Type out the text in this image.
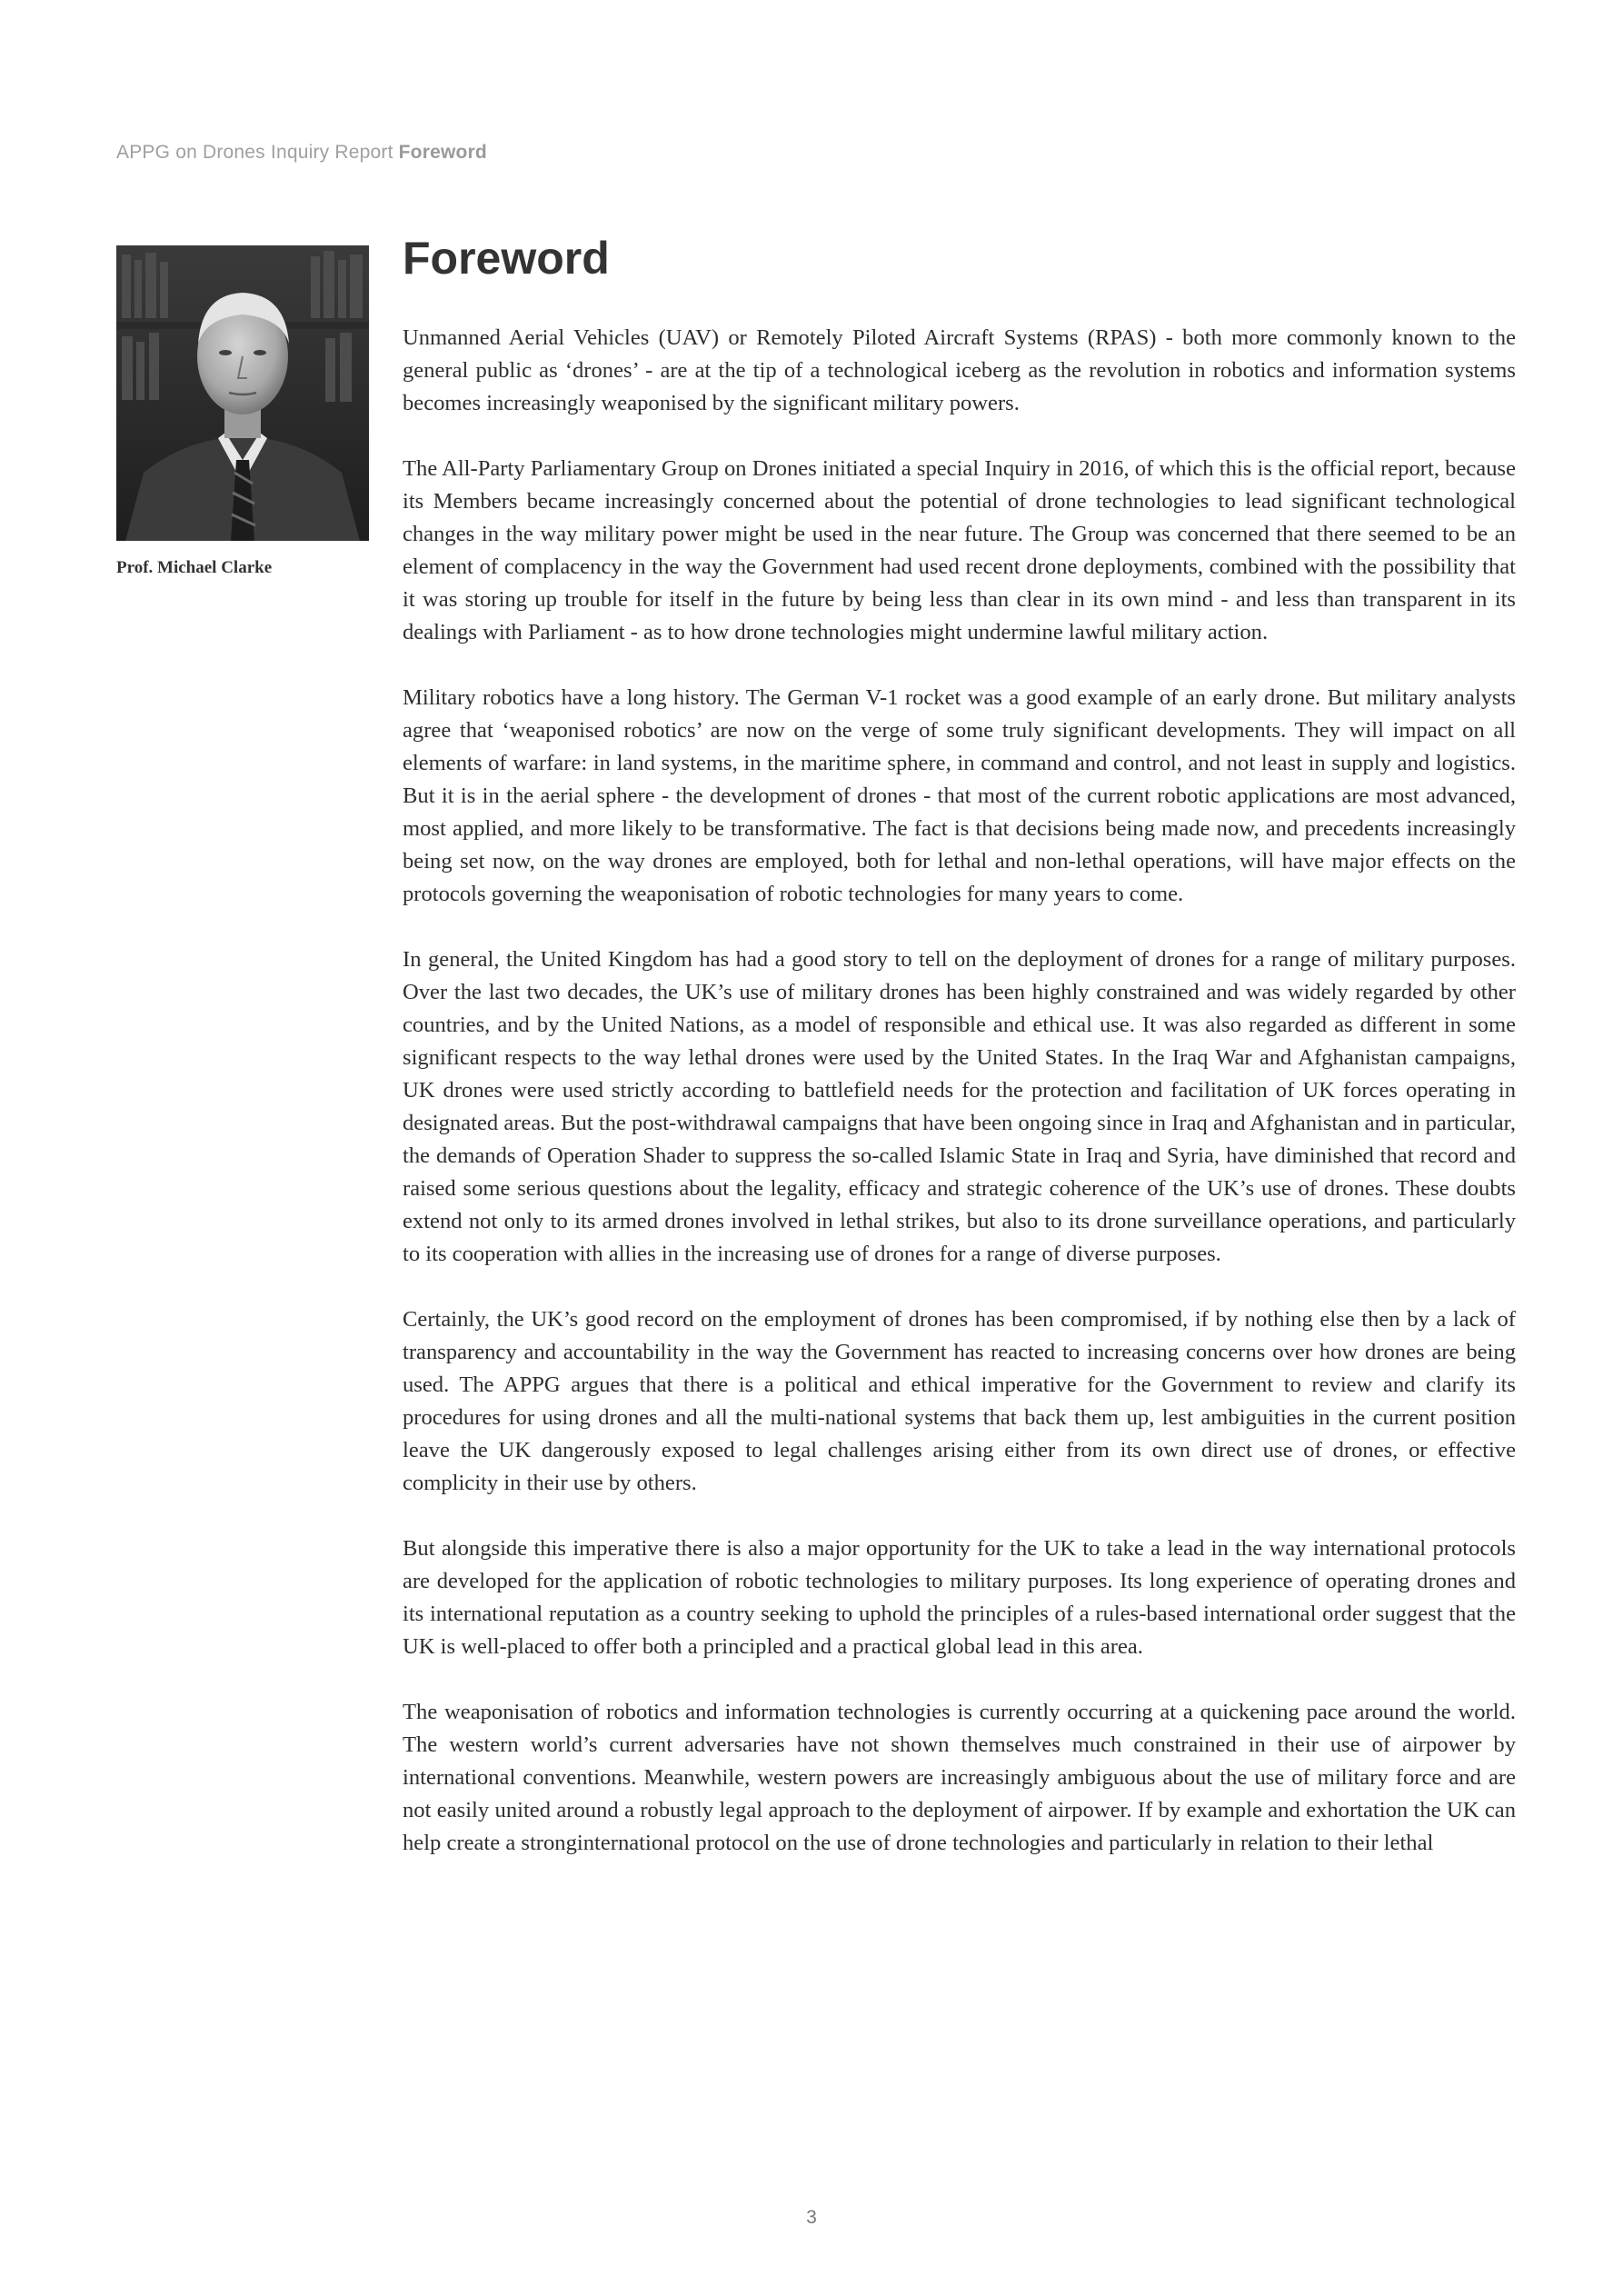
APPG on Drones Inquiry Report Foreword
Prof. Michael Clarke
Foreword

Unmanned Aerial Vehicles (UAV) or Remotely Piloted Aircraft Systems (RPAS) - both more commonly known to the general public as ‘drones’ - are at the tip of a technological iceberg as the revolution in robotics and information systems becomes increasingly weaponised by the significant military powers.

The All-Party Parliamentary Group on Drones initiated a special Inquiry in 2016, of which this is the official report, because its Members became increasingly concerned about the potential of drone technologies to lead significant technological changes in the way military power might be used in the near future. The Group was concerned that there seemed to be an element of complacency in the way the Government had used recent drone deployments, combined with the possibility that it was storing up trouble for itself in the future by being less than clear in its own mind - and less than transparent in its dealings with Parliament - as to how drone technologies might undermine lawful military action.

Military robotics have a long history. The German V-1 rocket was a good example of an early drone. But military analysts agree that ‘weaponised robotics’ are now on the verge of some truly significant developments. They will impact on all elements of warfare: in land systems, in the maritime sphere, in command and control, and not least in supply and logistics. But it is in the aerial sphere - the development of drones - that most of the current robotic applications are most advanced, most applied, and more likely to be transformative. The fact is that decisions being made now, and precedents increasingly being set now, on the way drones are employed, both for lethal and non-lethal operations, will have major effects on the protocols governing the weaponisation of robotic technologies for many years to come.

In general, the United Kingdom has had a good story to tell on the deployment of drones for a range of military purposes. Over the last two decades, the UK’s use of military drones has been highly constrained and was widely regarded by other countries, and by the United Nations, as a model of responsible and ethical use. It was also regarded as different in some significant respects to the way lethal drones were used by the United States. In the Iraq War and Afghanistan campaigns, UK drones were used strictly according to battlefield needs for the protection and facilitation of UK forces operating in designated areas. But the post-withdrawal campaigns that have been ongoing since in Iraq and Afghanistan and in particular, the demands of Operation Shader to suppress the so-called Islamic State in Iraq and Syria, have diminished that record and raised some serious questions about the legality, efficacy and strategic coherence of the UK’s use of drones. These doubts extend not only to its armed drones involved in lethal strikes, but also to its drone surveillance operations, and particularly to its cooperation with allies in the increasing use of drones for a range of diverse purposes.

Certainly, the UK’s good record on the employment of drones has been compromised, if by nothing else then by a lack of transparency and accountability in the way the Government has reacted to increasing concerns over how drones are being used. The APPG argues that there is a political and ethical imperative for the Government to review and clarify its procedures for using drones and all the multi-national systems that back them up, lest ambiguities in the current position leave the UK dangerously exposed to legal challenges arising either from its own direct use of drones, or effective complicity in their use by others.

But alongside this imperative there is also a major opportunity for the UK to take a lead in the way international protocols are developed for the application of robotic technologies to military purposes. Its long experience of operating drones and its international reputation as a country seeking to uphold the principles of a rules-based international order suggest that the UK is well-placed to offer both a principled and a practical global lead in this area.

The weaponisation of robotics and information technologies is currently occurring at a quickening pace around the world. The western world’s current adversaries have not shown themselves much constrained in their use of airpower by international conventions. Meanwhile, western powers are increasingly ambiguous about the use of military force and are not easily united around a robustly legal approach to the deployment of airpower. If by example and exhortation the UK can help create a stronginternational protocol on the use of drone technologies and particularly in relation to their lethal

3
